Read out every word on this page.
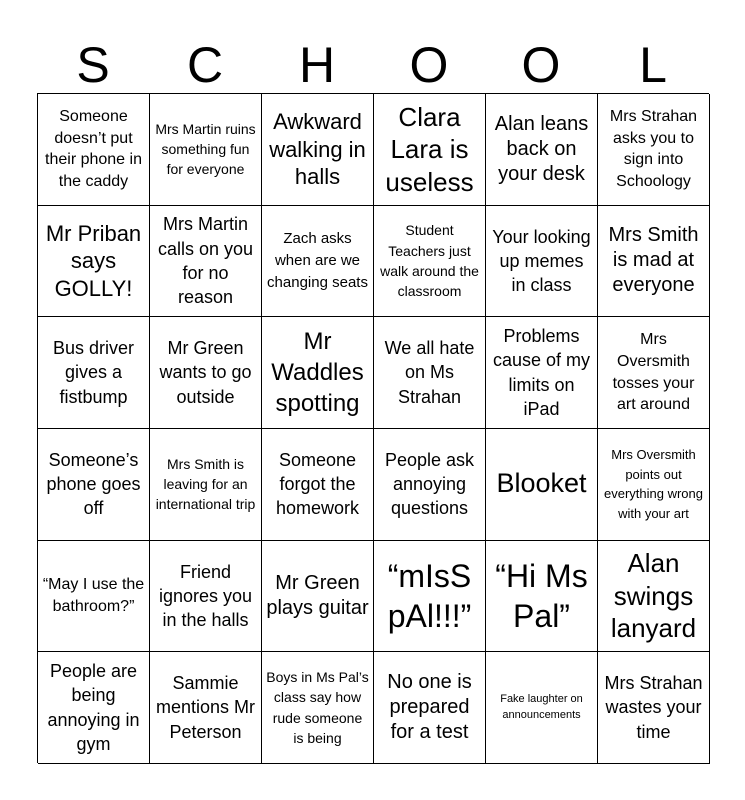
S	C	H	O	O	L
Someone doesn’t put their phone in the caddy
Mrs Martin ruins something fun for everyone
Awkward walking in halls
Clara Lara is useless
Alan leans back on your desk
Mrs Strahan asks you to sign into Schoology
Mr Priban says GOLLY!
Mrs Martin calls on you for no reason
Zach asks when are we changing seats
Student Teachers just walk around the classroom
Your looking up memes in class
Mrs Smith is mad at everyone
Bus driver gives a fistbump
Mr Green wants to go outside
Mr Waddles spotting
We all hate on Ms Strahan
Problems cause of my limits on iPad
Mrs Oversmith tosses your art around
Someone’s phone goes off
Mrs Smith is leaving for an international trip
Someone forgot the homework
People ask annoying questions
Blooket
Mrs Oversmith points out everything wrong with your art
“May I use the bathroom?”
Friend ignores you in the halls
Mr Green plays guitar
“mIsS pAl!!!”
“Hi Ms Pal”
Alan swings lanyard
People are being annoying in gym
Sammie mentions Mr Peterson
Boys in Ms Pal’s class say how rude someone is being
No one is prepared for a test
Fake laughter on announcements
Mrs Strahan wastes your time
